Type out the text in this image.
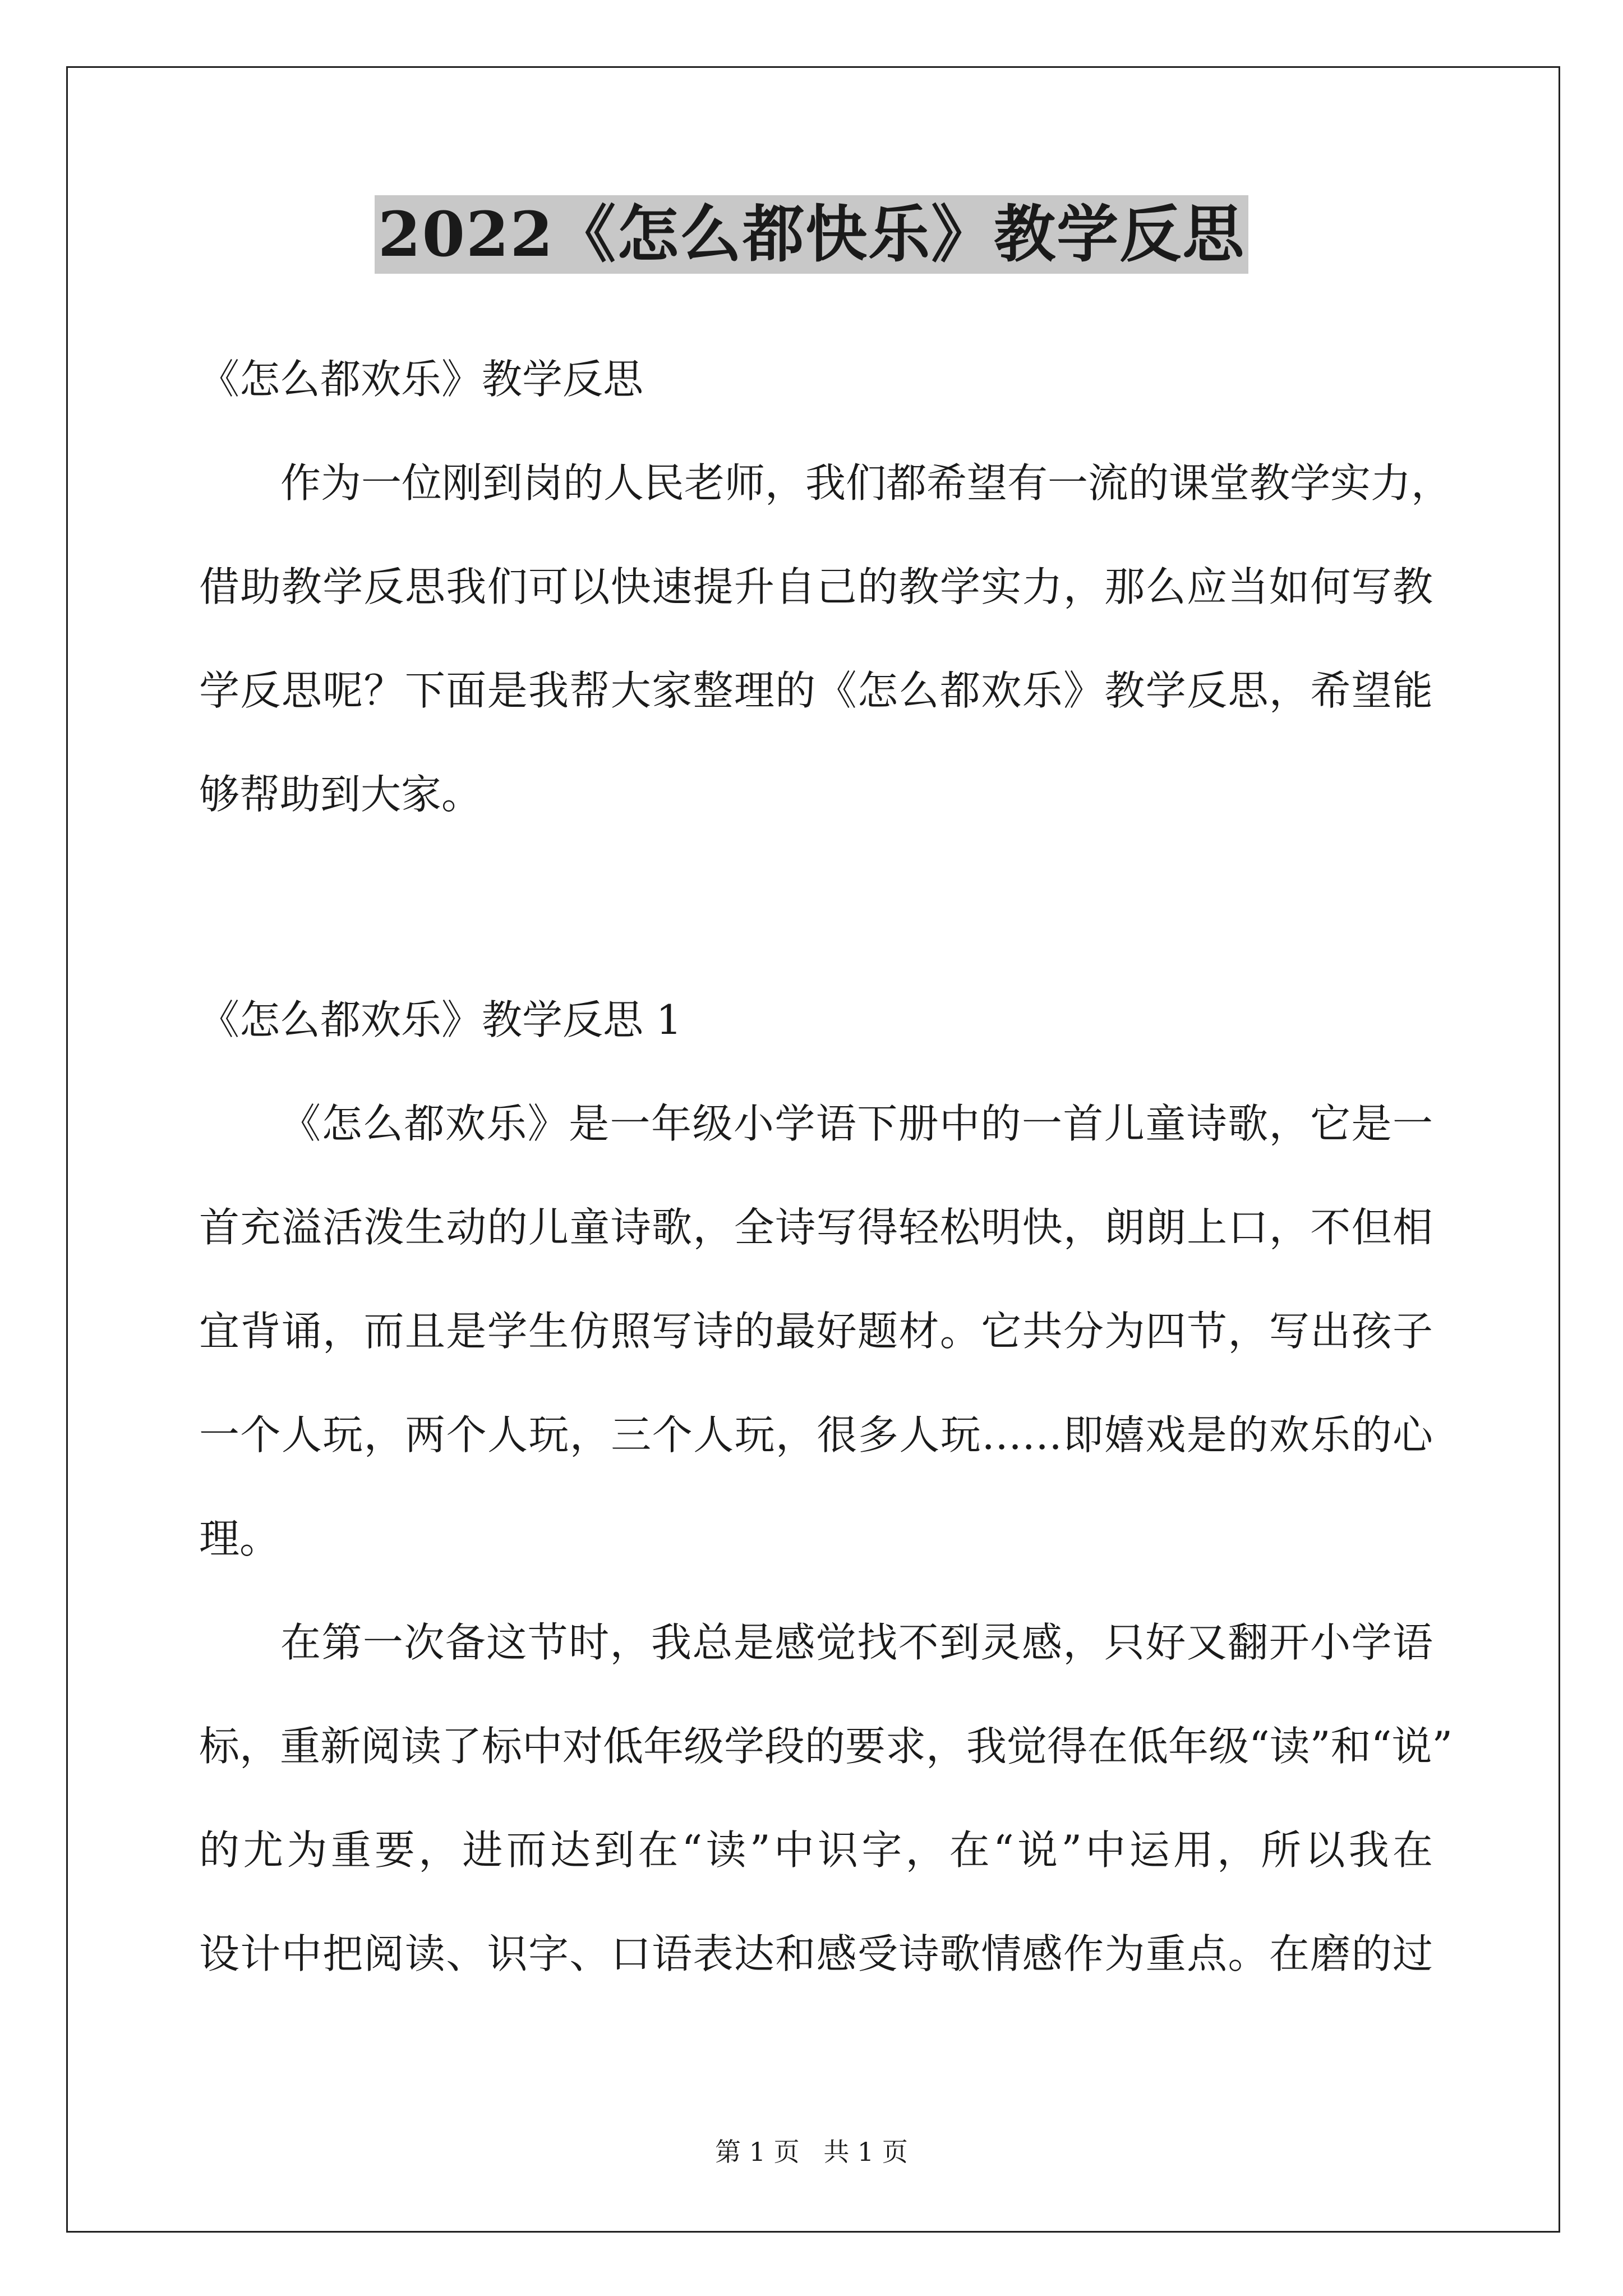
2022《怎么都快乐》教学反思
《怎么都欢乐》教学反思
作为一位刚到岗的人民老师，我们都希望有一流的课堂教学实力，
借助教学反思我们可以快速提升自己的教学实力，那么应当如何写教
学反思呢？下面是我帮大家整理的《怎么都欢乐》教学反思，希望能
够帮助到大家。
《怎么都欢乐》教学反思 1
《怎么都欢乐》是一年级小学语下册中的一首儿童诗歌，它是一
首充溢活泼生动的儿童诗歌，全诗写得轻松明快，朗朗上口，不但相
宜背诵，而且是学生仿照写诗的最好题材。它共分为四节，写出孩子
一个人玩，两个人玩，三个人玩，很多人玩……即嬉戏是的欢乐的心
理。
在第一次备这节时，我总是感觉找不到灵感，只好又翻开小学语
标，重新阅读了标中对低年级学段的要求，我觉得在低年级“读”和“说”
的尤为重要，进而达到在“读”中识字，在“说”中运用，所以我在
设计中把阅读、识字、口语表达和感受诗歌情感作为重点。在磨的过
第 1 页 共 1 页
